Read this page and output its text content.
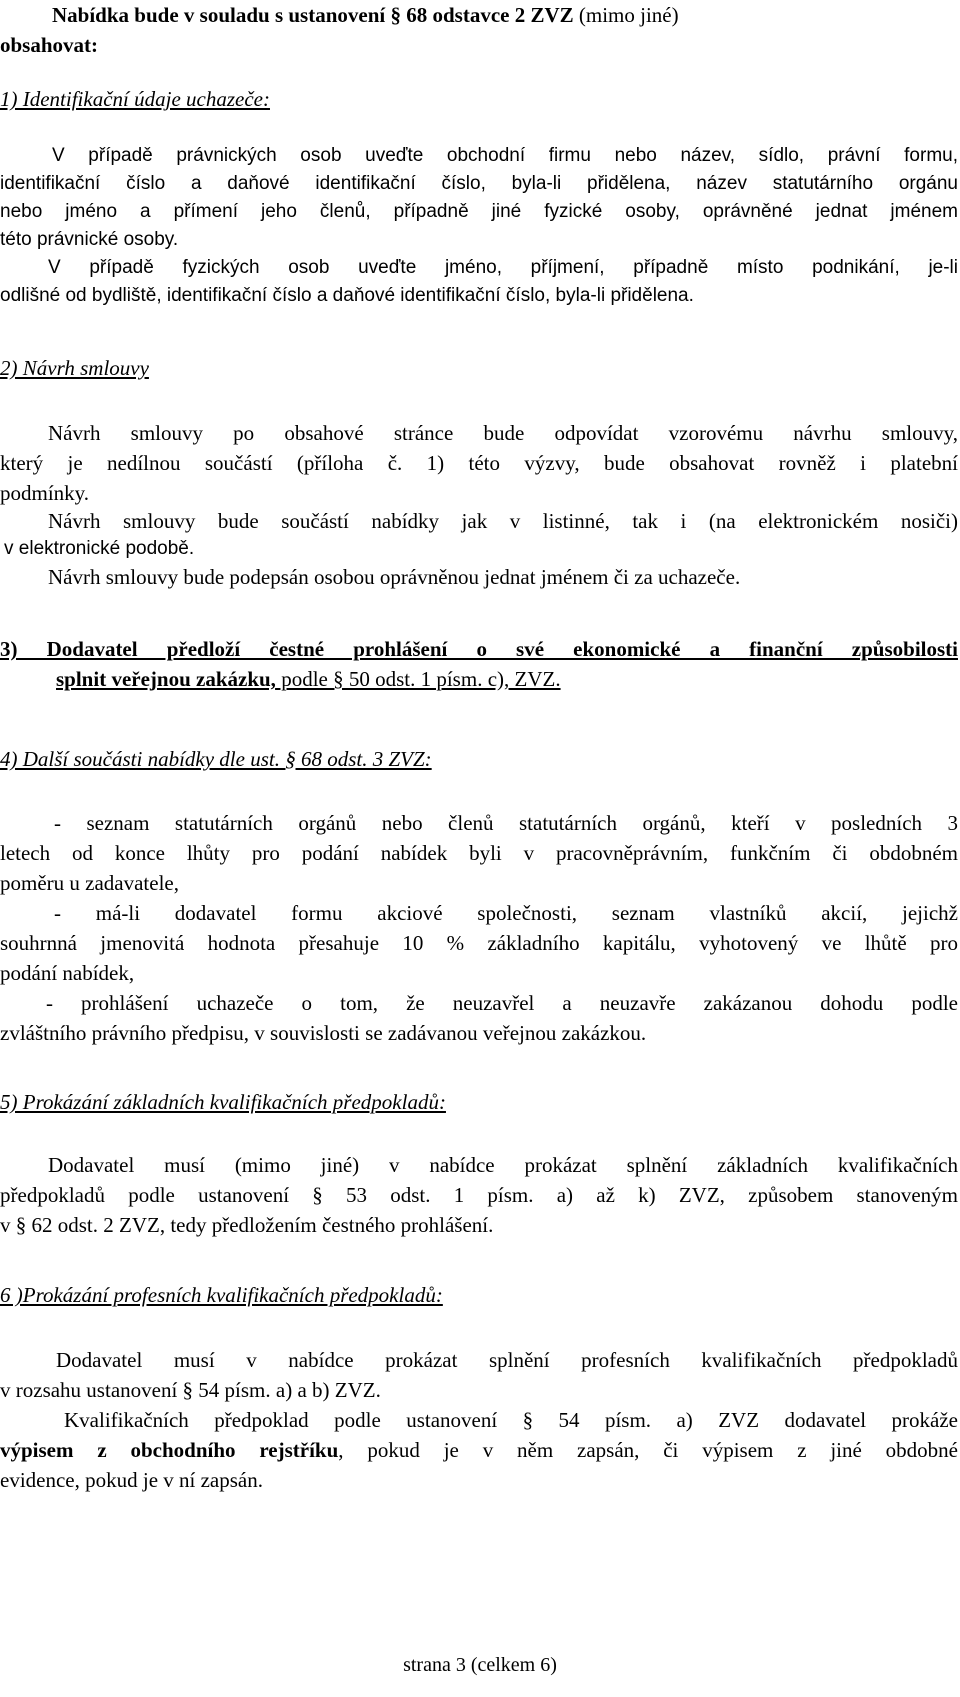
Nabídka bude v souladu s ustanovení § 68 odstavce 2 ZVZ (mimo jiné)
obsahovat:
1) Identifikační údaje uchazeče:
V případě právnických osob uveďte obchodní firmu nebo název, sídlo, právní formu,
identifikační číslo a daňové identifikační číslo, byla-li přidělena, název statutárního orgánu
nebo jméno a přímení jeho členů, případně jiné fyzické osoby, oprávněné jednat jménem
této právnické osoby.
V případě fyzických osob uveďte jméno, příjmení, případně místo podnikání, je-li
odlišné od bydliště, identifikační číslo a daňové identifikační číslo, byla-li přidělena.
2) Návrh smlouvy
Návrh smlouvy po obsahové stránce bude odpovídat vzorovému návrhu smlouvy,
který je nedílnou součástí (příloha č. 1) této výzvy, bude obsahovat rovněž i platební
podmínky.
Návrh smlouvy bude součástí nabídky jak v listinné, tak i (na elektronickém nosiči)
v elektronické podobě.
Návrh smlouvy bude podepsán osobou oprávněnou jednat jménem či za uchazeče.
3) Dodavatel předloží čestné prohlášení o své ekonomické a finanční způsobilosti
splnit veřejnou zakázku, podle § 50 odst. 1 písm. c), ZVZ.
4) Další součásti nabídky dle ust. § 68 odst. 3 ZVZ:
- seznam statutárních orgánů nebo členů statutárních orgánů, kteří v posledních 3
letech od konce lhůty pro podání nabídek byli v pracovněprávním, funkčním či obdobném
poměru u zadavatele,
- má-li dodavatel formu akciové společnosti, seznam vlastníků akcií, jejichž
souhrnná jmenovitá hodnota přesahuje 10 % základního kapitálu, vyhotovený ve lhůtě pro
podání nabídek,
- prohlášení uchazeče o tom, že neuzavřel a neuzavře zakázanou dohodu podle
zvláštního právního předpisu, v souvislosti se zadávanou veřejnou zakázkou.
5) Prokázání základních kvalifikačních předpokladů:
Dodavatel musí (mimo jiné) v nabídce prokázat splnění základních kvalifikačních
předpokladů podle ustanovení § 53 odst. 1 písm. a) až k) ZVZ, způsobem stanoveným
v § 62 odst. 2 ZVZ, tedy předložením čestného prohlášení.
6 )Prokázání profesních kvalifikačních předpokladů:
Dodavatel musí v nabídce prokázat splnění profesních kvalifikačních předpokladů
v rozsahu ustanovení § 54 písm. a) a b) ZVZ.
Kvalifikačních předpoklad podle ustanovení § 54 písm. a) ZVZ dodavatel prokáže
výpisem z obchodního rejstříku, pokud je v něm zapsán, či výpisem z jiné obdobné
evidence, pokud je v ní zapsán.
strana 3 (celkem 6)
